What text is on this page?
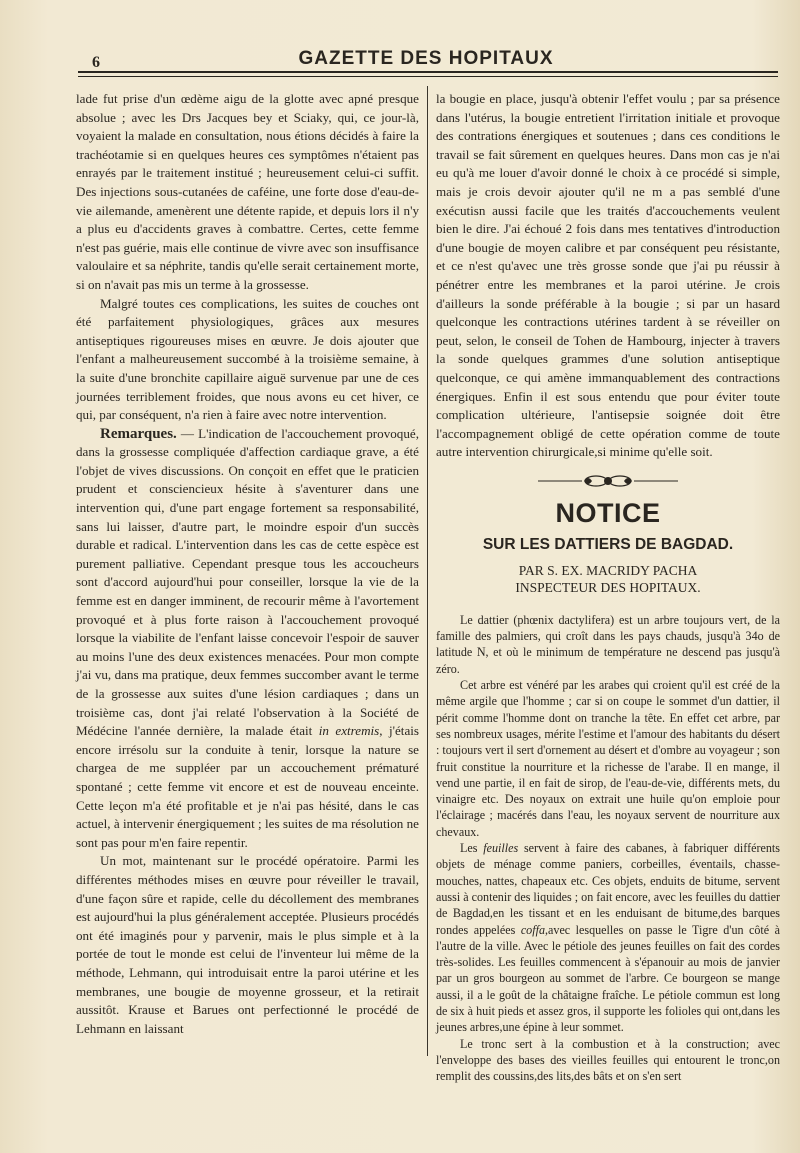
6	GAZETTE DES HOPITAUX

lade fut prise d'un œdème aigu de la glotte avec apné presque absolue ; avec les Drs Jacques bey et Sciaky, qui, ce jour-là, voyaient la malade en consultation, nous étions décidés à faire la trachéotamie si en quelques heures ces symptômes n'étaient pas enrayés par le traitement institué ; heureusement celui-ci suffit. Des injections sous-cutanées de caféine, une forte dose d'eau-de-vie ailemande, amenèrent une détente rapide, et depuis lors il n'y a plus eu d'accidents graves à combattre. Certes, cette femme n'est pas guérie, mais elle continue de vivre avec son insuffisance valoulaire et sa néphrite, tandis qu'elle serait certainement morte, si on n'avait pas mis un terme à la grossesse.

Malgré toutes ces complications, les suites de couches ont été parfaitement physiologiques, grâces aux mesures antiseptiques rigoureuses mises en œuvre. Je dois ajouter que l'enfant a malheureusement succombé à la troisième semaine, à la suite d'une bronchite capillaire aiguë survenue par une de ces journées terriblement froides, que nous avons eu cet hiver, ce qui, par conséquent, n'a rien à faire avec notre intervention.

Remarques. — L'indication de l'accouchement provoqué, dans la grossesse compliquée d'affection cardiaque grave, a été l'objet de vives discussions. On conçoit en effet que le praticien prudent et consciencieux hésite à s'aventurer dans une intervention qui, d'une part engage fortement sa responsabilité, sans lui laisser, d'autre part, le moindre espoir d'un succès durable et radical. L'intervention dans les cas de cette espèce est purement palliative. Cependant presque tous les accoucheurs sont d'accord aujourd'hui pour conseiller, lorsque la vie de la femme est en danger imminent, de recourir même à l'avortement provoqué et à plus forte raison à l'accouchement provoqué lorsque la viabilite de l'enfant laisse concevoir l'espoir de sauver au moins l'une des deux existences menacées. Pour mon compte j'ai vu, dans ma pratique, deux femmes succomber avant le terme de la grossesse aux suites d'une lésion cardiaques ; dans un troisième cas, dont j'ai relaté l'observation à la Société de Médécine l'année dernière, la malade était in extremis, j'étais encore irrésolu sur la conduite à tenir, lorsque la nature se chargea de me suppléer par un accouchement prématuré spontané ; cette femme vit encore et est de nouveau enceinte. Cette leçon m'a été profitable et je n'ai pas hésité, dans le cas actuel, à intervenir énergiquement ; les suites de ma résolution ne sont pas pour m'en faire repentir.

Un mot, maintenant sur le procédé opératoire. Parmi les différentes méthodes mises en œuvre pour réveiller le travail, d'une façon sûre et rapide, celle du décollement des membranes est aujourd'hui la plus généralement acceptée. Plusieurs procédés ont été imaginés pour y parvenir, mais le plus simple et à la portée de tout le monde est celui de l'inventeur lui même de la méthode, Lehmann, qui introduisait entre la paroi utérine et les membranes, une bougie de moyenne grosseur, et la retirait aussitôt. Krause et Barues ont perfectionné le procédé de Lehmann en laissant

la bougie en place, jusqu'à obtenir l'effet voulu ; par sa présence dans l'utérus, la bougie entretient l'irritation initiale et provoque des contrations énergiques et soutenues ; dans ces conditions le travail se fait sûrement en quelques heures. Dans mon cas je n'ai eu qu'à me louer d'avoir donné le choix à ce procédé si simple, mais je crois devoir ajouter qu'il ne m a pas semblé d'une exécutisn aussi facile que les traités d'accouchements veulent bien le dire. J'ai échoué 2 fois dans mes tentatives d'introduction d'une bougie de moyen calibre et par conséquent peu résistante, et ce n'est qu'avec une très grosse sonde que j'ai pu réussir à pénétrer entre les membranes et la paroi utérine. Je crois d'ailleurs la sonde préférable à la bougie ; si par un hasard quelconque les contractions utérines tardent à se réveiller on peut, selon, le conseil de Tohen de Hambourg, injecter à travers la sonde quelques grammes d'une solution antiseptique quelconque, ce qui amène immanquablement des contractions énergiques. Enfin il est sous entendu que pour éviter toute complication ultérieure, l'antisepsie soignée doit être l'accompagnement obligé de cette opération comme de toute autre intervention chirurgicale,si minime qu'elle soit.

NOTICE
SUR LES DATTIERS DE BAGDAD.
PAR S. EX. MACRIDY PACHA
INSPECTEUR DES HOPITAUX.

Le dattier (phœnix dactylifera) est un arbre toujours vert, de la famille des palmiers, qui croît dans les pays chauds, jusqu'à 34o de latitude N, et où le minimum de température ne descend pas jusqu'à zéro.

Cet arbre est vénéré par les arabes qui croient qu'il est créé de la même argile que l'homme ; car si on coupe le sommet d'un dattier, il périt comme l'homme dont on tranche la tête. En effet cet arbre, par ses nombreux usages, mérite l'estime et l'amour des habitants du désert : toujours vert il sert d'ornement au désert et d'ombre au voyageur ; son fruit constitue la nourriture et la richesse de l'arabe. Il en mange, il vend une partie, il en fait de sirop, de l'eau-de-vie, différents mets, du vinaigre etc. Des noyaux on extrait une huile qu'on emploie pour l'éclairage ; macérés dans l'eau, les noyaux servent de nourriture aux chevaux.

Les feuilles servent à faire des cabanes, à fabriquer différents objets de ménage comme paniers, corbeilles, éventails, chasse-mouches, nattes, chapeaux etc. Ces objets, enduits de bitume, servent aussi à contenir des liquides ; on fait encore, avec les feuilles du dattier de Bagdad,en les tissant et en les enduisant de bitume,des barques rondes appelées coffa,avec lesquelles on passe le Tigre d'un côté à l'autre de la ville. Avec le pétiole des jeunes feuilles on fait des cordes très-solides. Les feuilles commencent à s'épanouir au mois de janvier par un gros bourgeon au sommet de l'arbre. Ce bourgeon se mange aussi, il a le goût de la châtaigne fraîche. Le pétiole commun est long de six à huit pieds et assez gros, il supporte les folioles qui ont,dans les jeunes arbres,une épine à leur sommet.

Le tronc sert à la combustion et à la construction; avec l'enveloppe des bases des vieilles feuilles qui entourent le tronc,on remplit des coussins,des lits,des bâts et on s'en sert
